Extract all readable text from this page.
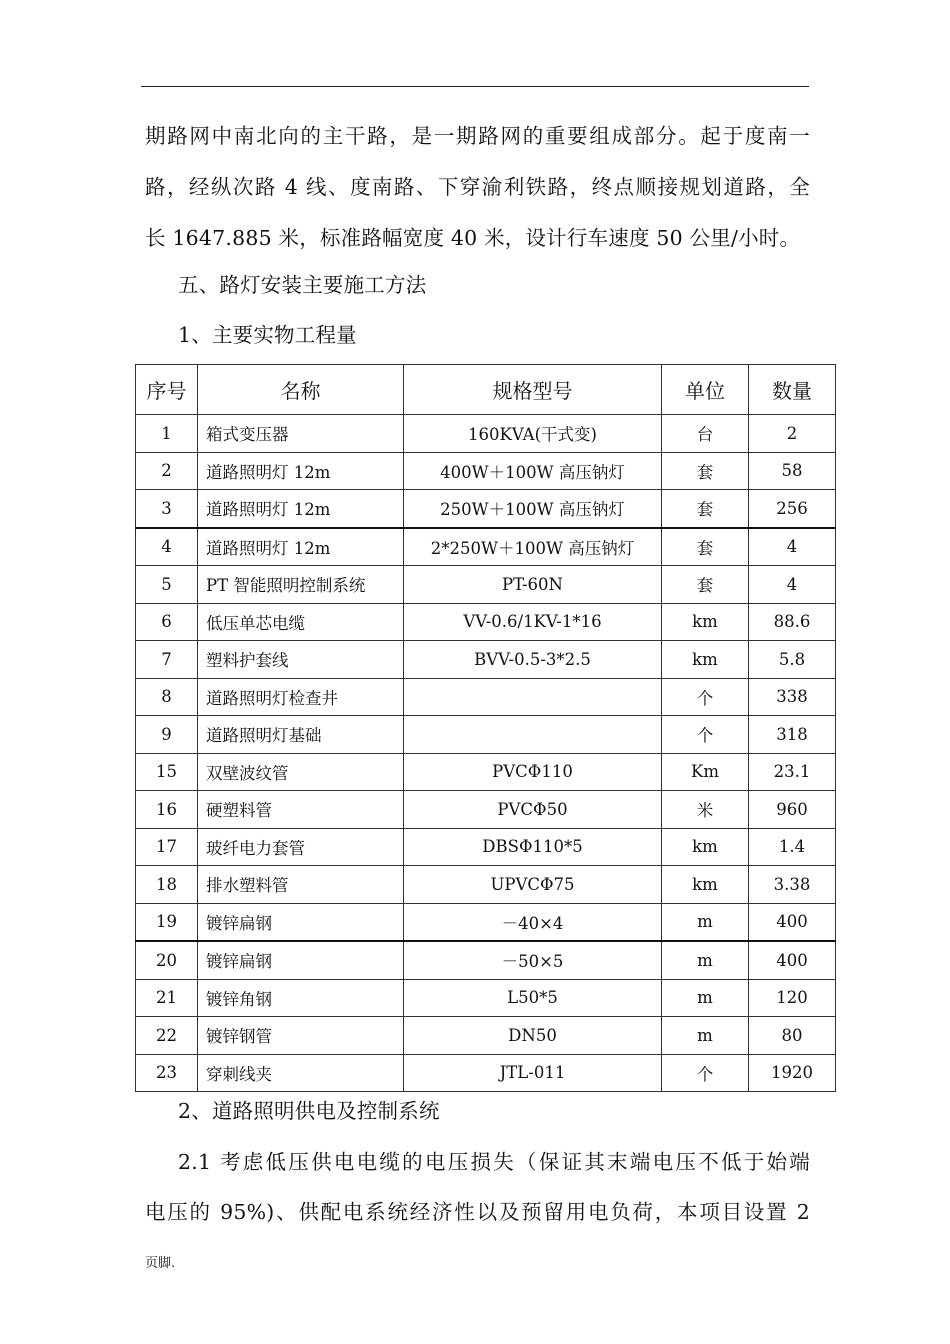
期路网中南北向的主干路，是一期路网的重要组成部分。起于度南一
路，经纵次路 4 线、度南路、下穿渝利铁路，终点顺接规划道路，全
长 1647.885 米，标准路幅宽度 40 米，设计行车速度 50 公里/小时。
五、路灯安装主要施工方法
1、主要实物工程量
序号	名称	规格型号	单位	数量
1	箱式变压器	160KVA(干式变)	台	2
2	道路照明灯 12m	400W＋100W 高压钠灯	套	58
3	道路照明灯 12m	250W＋100W 高压钠灯	套	256
4	道路照明灯 12m	2*250W＋100W 高压钠灯	套	4
5	PT 智能照明控制系统	PT-60N	套	4
6	低压单芯电缆	VV-0.6/1KV-1*16	km	88.6
7	塑料护套线	BVV-0.5-3*2.5	km	5.8
8	道路照明灯检查井		个	338
9	道路照明灯基础		个	318
15	双壁波纹管	PVCΦ110	Km	23.1
16	硬塑料管	PVCΦ50	米	960
17	玻纤电力套管	DBSΦ110*5	km	1.4
18	排水塑料管	UPVCΦ75	km	3.38
19	镀锌扁钢	－40×4	m	400
20	镀锌扁钢	－50×5	m	400
21	镀锌角钢	L50*5	m	120
22	镀锌钢管	DN50	m	80
23	穿刺线夹	JTL-011	个	1920
2、道路照明供电及控制系统
2.1 考虑低压供电电缆的电压损失（保证其末端电压不低于始端
电压的 95%)、供配电系统经济性以及预留用电负荷，本项目设置 2
页脚.
